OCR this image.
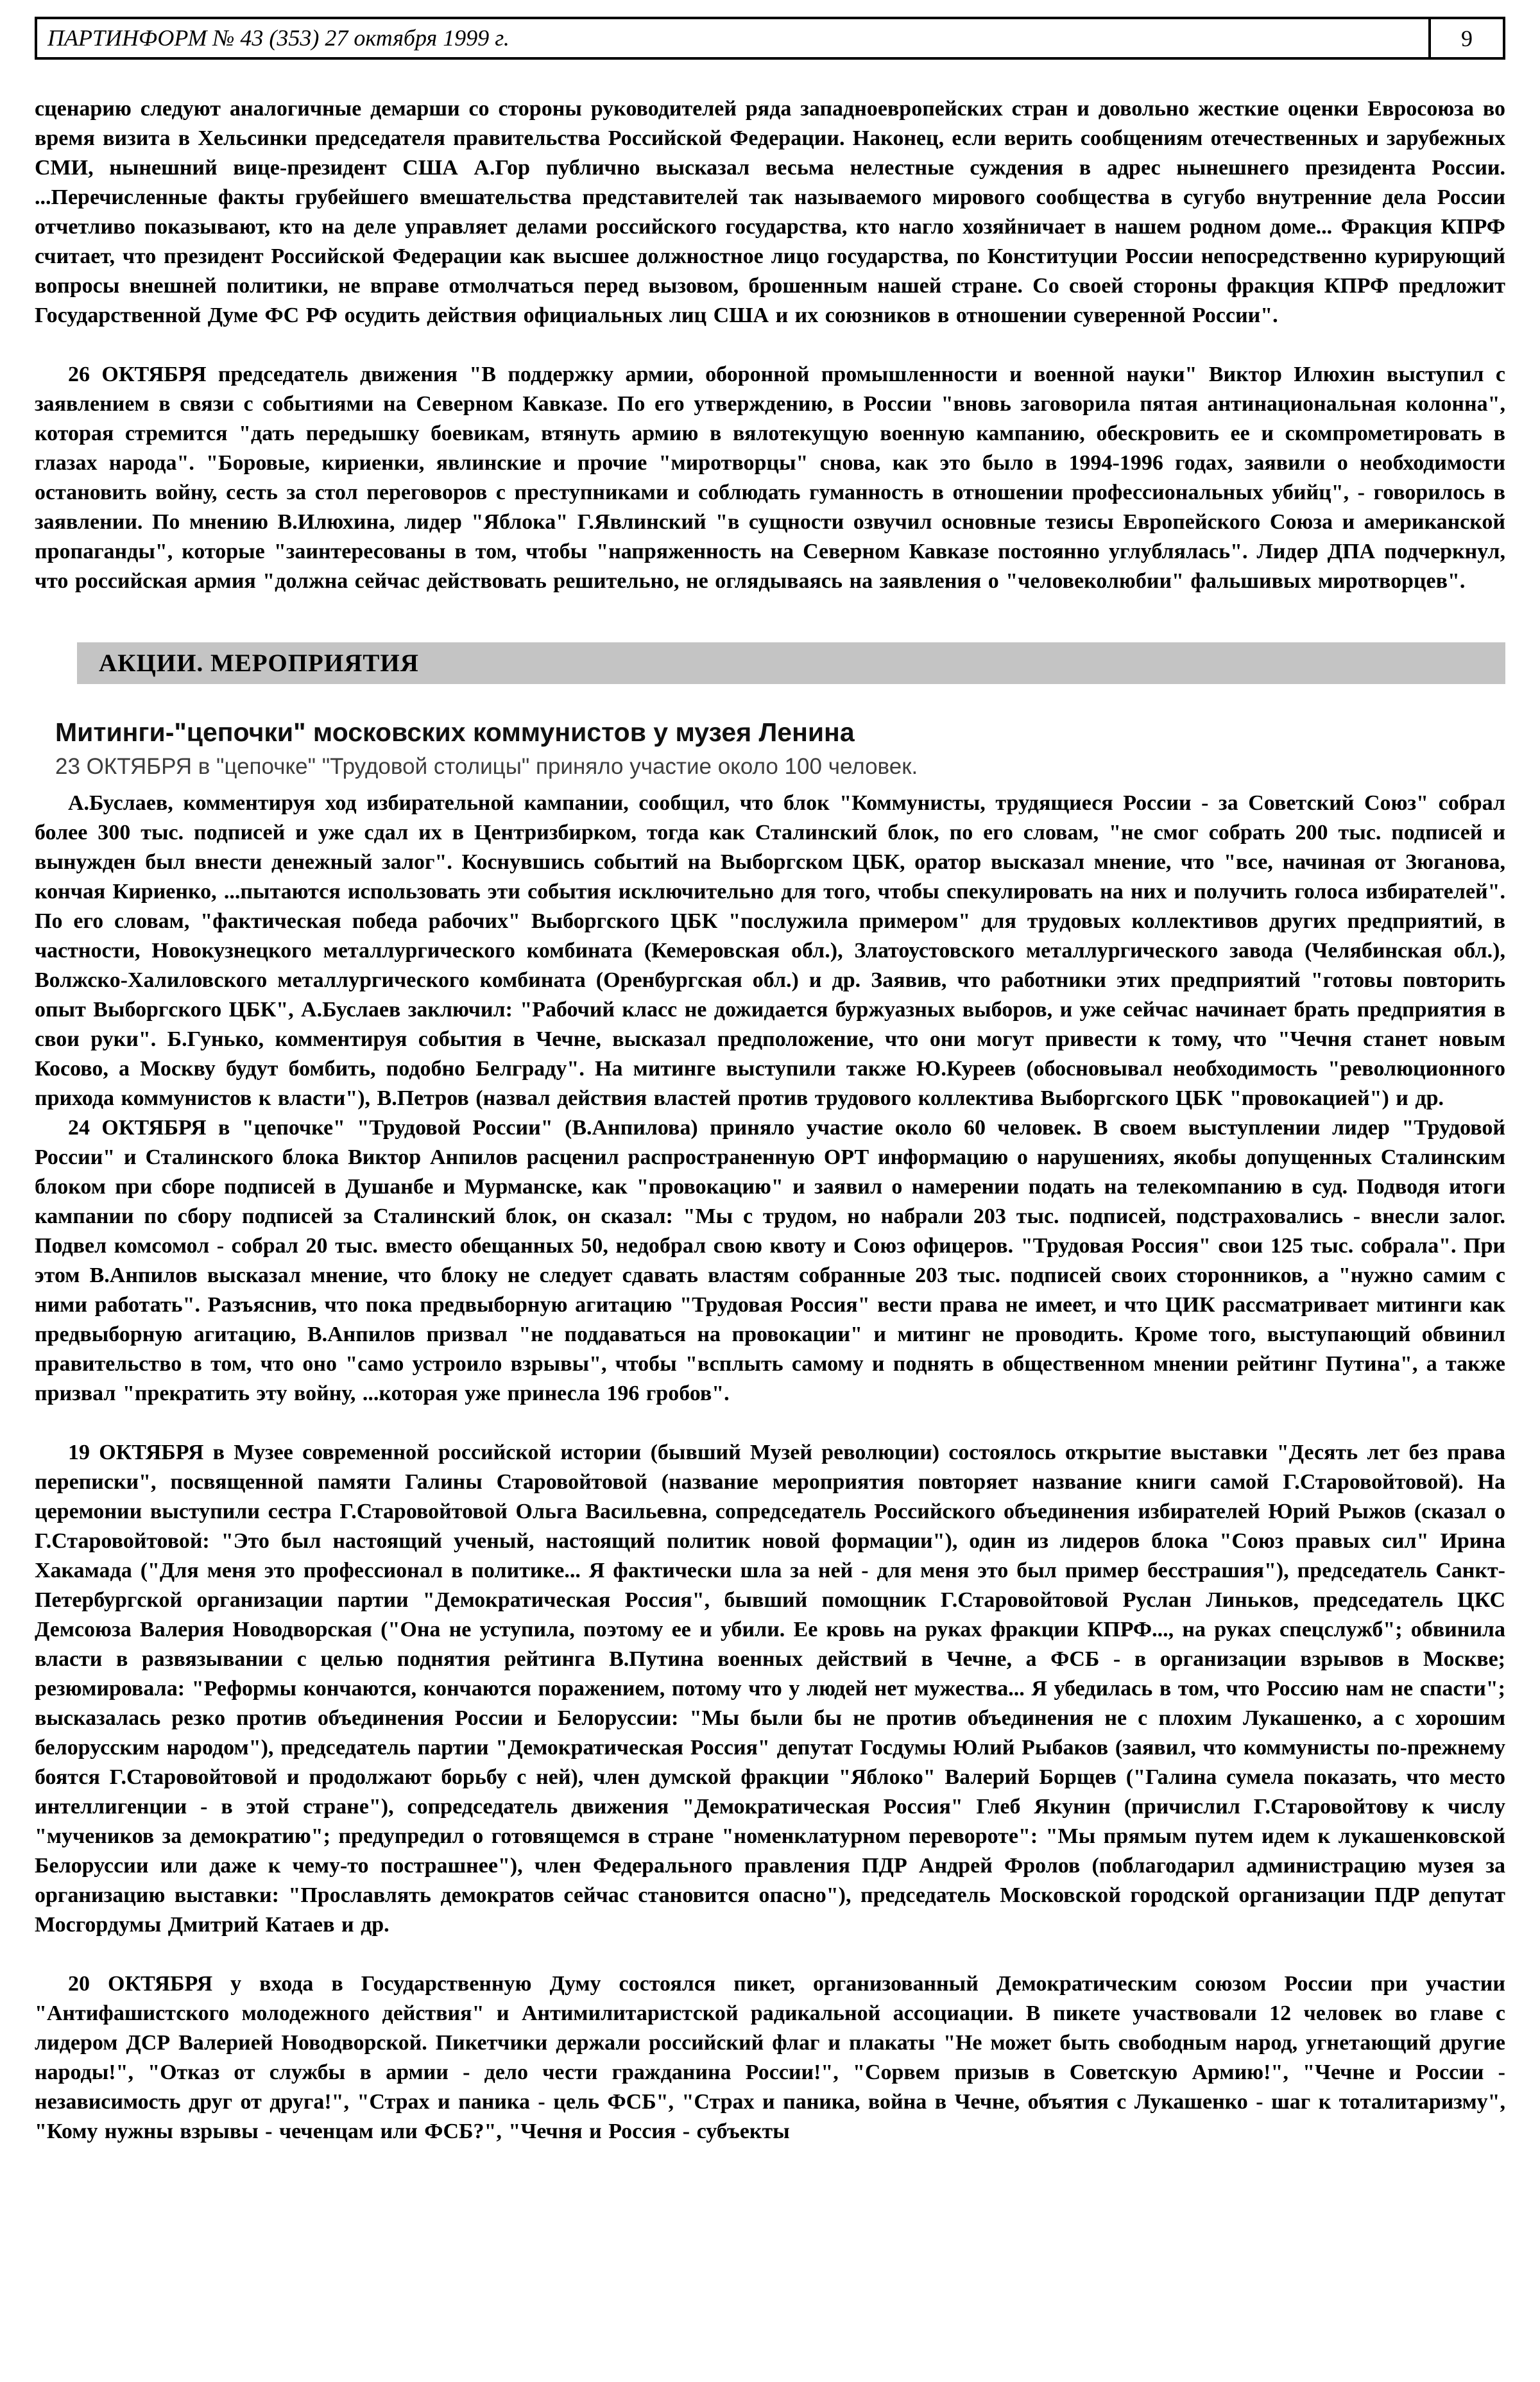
ПАРТИНФОРМ № 43 (353) 27 октября 1999 г.	9

сценарию следуют аналогичные демарши со стороны руководителей ряда западноевропейских стран и довольно жесткие оценки Евросоюза во время визита в Хельсинки председателя правительства Российской Федерации. Наконец, если верить сообщениям отечественных и зарубежных СМИ, нынешний вице-президент США А.Гор публично высказал весьма нелестные суждения в адрес нынешнего президента России. ...Перечисленные факты грубейшего вмешательства представителей так называемого мирового сообщества в сугубо внутренние дела России отчетливо показывают, кто на деле управляет делами российского государства, кто нагло хозяйничает в нашем родном доме... Фракция КПРФ считает, что президент Российской Федерации как высшее должностное лицо государства, по Конституции России непосредственно курирующий вопросы внешней политики, не вправе отмолчаться перед вызовом, брошенным нашей стране. Со своей стороны фракция КПРФ предложит Государственной Думе ФС РФ осудить действия официальных лиц США и их союзников в отношении суверенной России".

26 ОКТЯБРЯ председатель движения "В поддержку армии, оборонной промышленности и военной науки" Виктор Илюхин выступил с заявлением в связи с событиями на Северном Кавказе. По его утверждению, в России "вновь заговорила пятая антинациональная колонна", которая стремится "дать передышку боевикам, втянуть армию в вялотекущую военную кампанию, обескровить ее и скомпрометировать в глазах народа". "Боровые, кириенки, явлинские и прочие "миротворцы" снова, как это было в 1994-1996 годах, заявили о необходимости остановить войну, сесть за стол переговоров с преступниками и соблюдать гуманность в отношении профессиональных убийц", - говорилось в заявлении. По мнению В.Илюхина, лидер "Яблока" Г.Явлинский "в сущности озвучил основные тезисы Европейского Союза и американской пропаганды", которые "заинтересованы в том, чтобы "напряженность на Северном Кавказе постоянно углублялась". Лидер ДПА подчеркнул, что российская армия "должна сейчас действовать решительно, не оглядываясь на заявления о "человеколюбии" фальшивых миротворцев".

АКЦИИ. МЕРОПРИЯТИЯ
Митинги-"цепочки" московских коммунистов у музея Ленина

23 ОКТЯБРЯ в "цепочке" "Трудовой столицы" приняло участие около 100 человек.

А.Буслаев, комментируя ход избирательной кампании, сообщил, что блок "Коммунисты, трудящиеся России - за Советский Союз" собрал более 300 тыс. подписей и уже сдал их в Центризбирком, тогда как Сталинский блок, по его словам, "не смог собрать 200 тыс. подписей и вынужден был внести денежный залог". Коснувшись событий на Выборгском ЦБК, оратор высказал мнение, что "все, начиная от Зюганова, кончая Кириенко, ...пытаются использовать эти события исключительно для того, чтобы спекулировать на них и получить голоса избирателей". По его словам, "фактическая победа рабочих" Выборгского ЦБК "послужила примером" для трудовых коллективов других предприятий, в частности, Новокузнецкого металлургического комбината (Кемеровская обл.), Златоустовского металлургического завода (Челябинская обл.), Волжско-Халиловского металлургического комбината (Оренбургская обл.) и др. Заявив, что работники этих предприятий "готовы повторить опыт Выборгского ЦБК", А.Буслаев заключил: "Рабочий класс не дожидается буржуазных выборов, и уже сейчас начинает брать предприятия в свои руки". Б.Гунько, комментируя события в Чечне, высказал предположение, что они могут привести к тому, что "Чечня станет новым Косово, а Москву будут бомбить, подобно Белграду". На митинге выступили также Ю.Куреев (обосновывал необходимость "революционного прихода коммунистов к власти"), В.Петров (назвал действия властей против трудового коллектива Выборгского ЦБК "провокацией") и др.

24 ОКТЯБРЯ в "цепочке" "Трудовой России" (В.Анпилова) приняло участие около 60 человек. В своем выступлении лидер "Трудовой России" и Сталинского блока Виктор Анпилов расценил распространенную ОРТ информацию о нарушениях, якобы допущенных Сталинским блоком при сборе подписей в Душанбе и Мурманске, как "провокацию" и заявил о намерении подать на телекомпанию в суд. Подводя итоги кампании по сбору подписей за Сталинский блок, он сказал: "Мы с трудом, но набрали 203 тыс. подписей, подстраховались - внесли залог. Подвел комсомол - собрал 20 тыс. вместо обещанных 50, недобрал свою квоту и Союз офицеров. "Трудовая Россия" свои 125 тыс. собрала". При этом В.Анпилов высказал мнение, что блоку не следует сдавать властям собранные 203 тыс. подписей своих сторонников, а "нужно самим с ними работать". Разъяснив, что пока предвыборную агитацию "Трудовая Россия" вести права не имеет, и что ЦИК рассматривает митинги как предвыборную агитацию, В.Анпилов призвал "не поддаваться на провокации" и митинг не проводить. Кроме того, выступающий обвинил правительство в том, что оно "само устроило взрывы", чтобы "всплыть самому и поднять в общественном мнении рейтинг Путина", а также призвал "прекратить эту войну, ...которая уже принесла 196 гробов".

19 ОКТЯБРЯ в Музее современной российской истории (бывший Музей революции) состоялось открытие выставки "Десять лет без права переписки", посвященной памяти Галины Старовойтовой (название мероприятия повторяет название книги самой Г.Старовойтовой). На церемонии выступили сестра Г.Старовойтовой Ольга Васильевна, сопредседатель Российского объединения избирателей Юрий Рыжов (сказал о Г.Старовойтовой: "Это был настоящий ученый, настоящий политик новой формации"), один из лидеров блока "Союз правых сил" Ирина Хакамада ("Для меня это профессионал в политике... Я фактически шла за ней - для меня это был пример бесстрашия"), председатель Санкт-Петербургской организации партии "Демократическая Россия", бывший помощник Г.Старовойтовой Руслан Линьков, председатель ЦКС Демсоюза Валерия Новодворская ("Она не уступила, поэтому ее и убили. Ее кровь на руках фракции КПРФ..., на руках спецслужб"; обвинила власти в развязывании с целью поднятия рейтинга В.Путина военных действий в Чечне, а ФСБ - в организации взрывов в Москве; резюмировала: "Реформы кончаются, кончаются поражением, потому что у людей нет мужества... Я убедилась в том, что Россию нам не спасти"; высказалась резко против объединения России и Белоруссии: "Мы были бы не против объединения не с плохим Лукашенко, а с хорошим белорусским народом"), председатель партии "Демократическая Россия" депутат Госдумы Юлий Рыбаков (заявил, что коммунисты по-прежнему боятся Г.Старовойтовой и продолжают борьбу с ней), член думской фракции "Яблоко" Валерий Борщев ("Галина сумела показать, что место интеллигенции - в этой стране"), сопредседатель движения "Демократическая Россия" Глеб Якунин (причислил Г.Старовойтову к числу "мучеников за демократию"; предупредил о готовящемся в стране "номенклатурном перевороте": "Мы прямым путем идем к лукашенковской Белоруссии или даже к чему-то пострашнее"), член Федерального правления ПДР Андрей Фролов (поблагодарил администрацию музея за организацию выставки: "Прославлять демократов сейчас становится опасно"), председатель Московской городской организации ПДР депутат Мосгордумы Дмитрий Катаев и др.

20 ОКТЯБРЯ у входа в Государственную Думу состоялся пикет, организованный Демократическим союзом России при участии "Антифашистского молодежного действия" и Антимилитаристской радикальной ассоциации. В пикете участвовали 12 человек во главе с лидером ДСР Валерией Новодворской. Пикетчики держали российский флаг и плакаты "Не может быть свободным народ, угнетающий другие народы!", "Отказ от службы в армии - дело чести гражданина России!", "Сорвем призыв в Советскую Армию!", "Чечне и России - независимость друг от друга!", "Страх и паника - цель ФСБ", "Страх и паника, война в Чечне, объятия с Лукашенко - шаг к тоталитаризму", "Кому нужны взрывы - чеченцам или ФСБ?", "Чечня и Россия - субъекты
